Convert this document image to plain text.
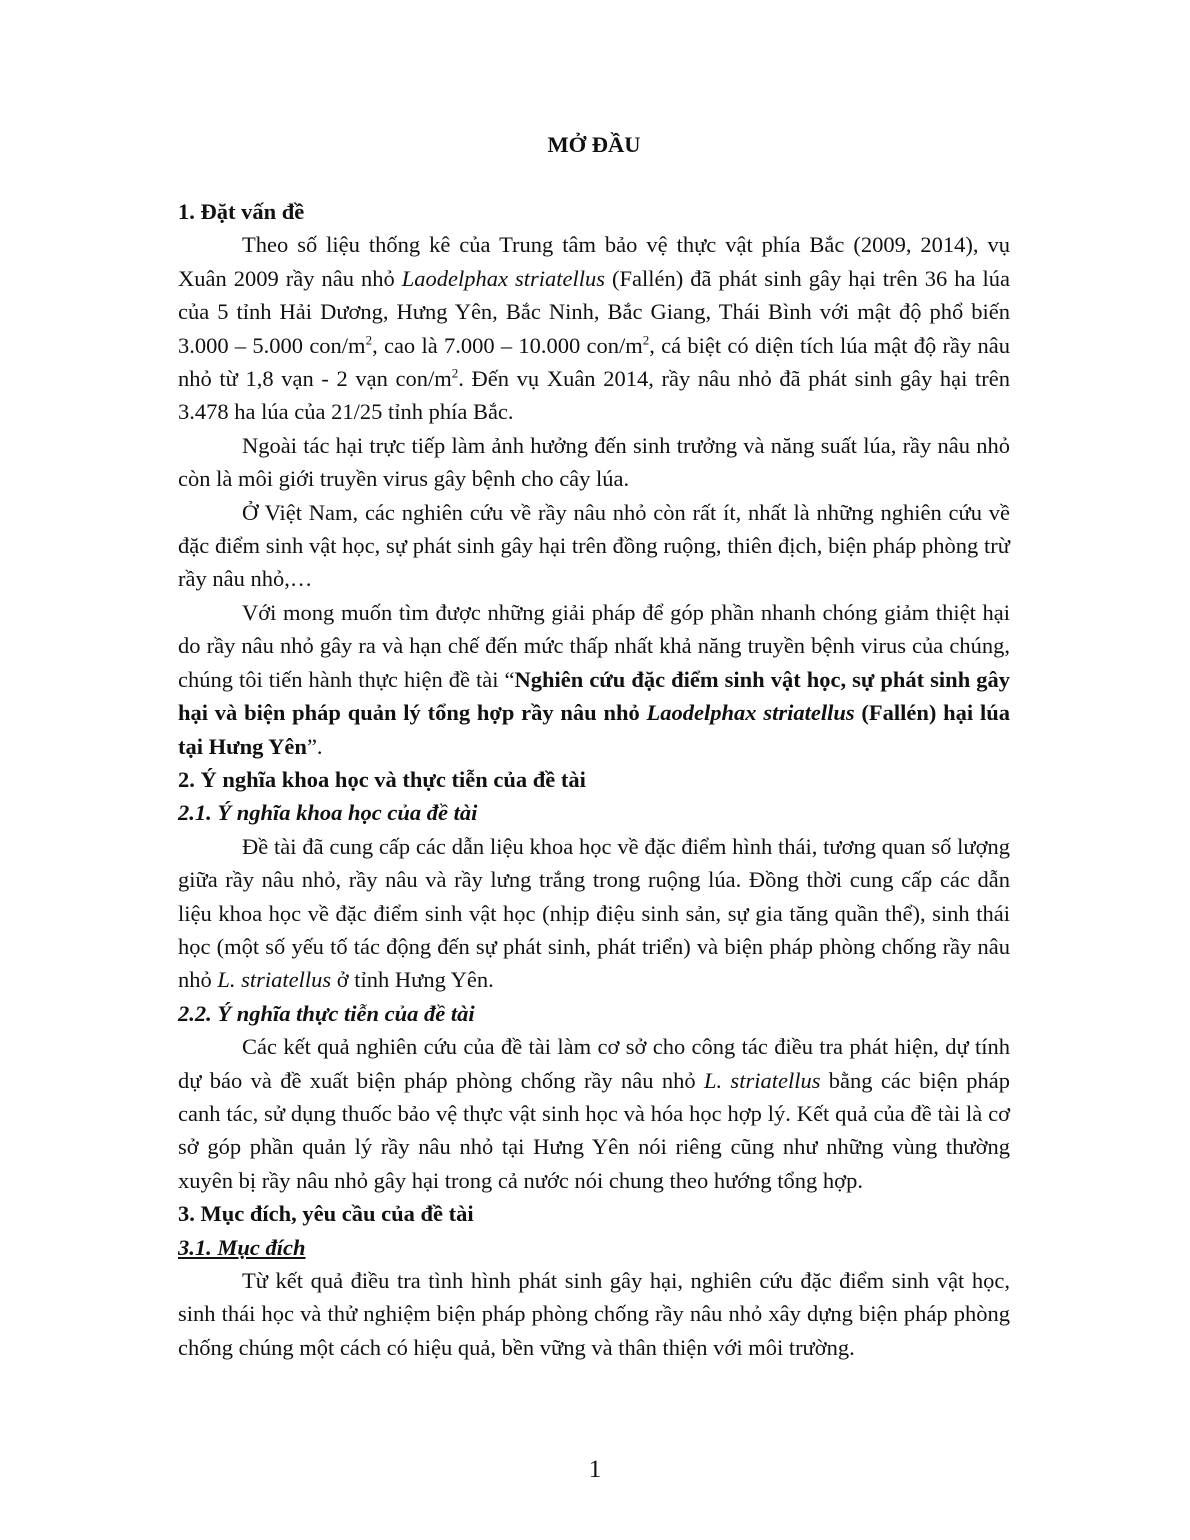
MỞ ĐẦU
1. Đặt vấn đề

Theo số liệu thống kê của Trung tâm bảo vệ thực vật phía Bắc (2009, 2014), vụ Xuân 2009 rầy nâu nhỏ Laodelphax striatellus (Fallén) đã phát sinh gây hại trên 36 ha lúa của 5 tỉnh Hải Dương, Hưng Yên, Bắc Ninh, Bắc Giang, Thái Bình với mật độ phổ biến 3.000 – 5.000 con/$m^2$, cao là 7.000 – 10.000 con/$m^2$, cá biệt có diện tích lúa mật độ rầy nâu nhỏ từ 1,8 vạn - 2 vạn con/$m^2$. Đến vụ Xuân 2014, rầy nâu nhỏ đã phát sinh gây hại trên 3.478 ha lúa của 21/25 tỉnh phía Bắc.

Ngoài tác hại trực tiếp làm ảnh hưởng đến sinh trưởng và năng suất lúa, rầy nâu nhỏ còn là môi giới truyền virus gây bệnh cho cây lúa.

Ở Việt Nam, các nghiên cứu về rầy nâu nhỏ còn rất ít, nhất là những nghiên cứu về đặc điểm sinh vật học, sự phát sinh gây hại trên đồng ruộng, thiên địch, biện pháp phòng trừ rầy nâu nhỏ,…

Với mong muốn tìm được những giải pháp để góp phần nhanh chóng giảm thiệt hại do rầy nâu nhỏ gây ra và hạn chế đến mức thấp nhất khả năng truyền bệnh virus của chúng, chúng tôi tiến hành thực hiện đề tài “Nghiên cứu đặc điểm sinh vật học, sự phát sinh gây hại và biện pháp quản lý tổng hợp rầy nâu nhỏ Laodelphax striatellus (Fallén) hại lúa tại Hưng Yên”.

2. Ý nghĩa khoa học và thực tiễn của đề tài
2.1. Ý nghĩa khoa học của đề tài

Đề tài đã cung cấp các dẫn liệu khoa học về đặc điểm hình thái, tương quan số lượng giữa rầy nâu nhỏ, rầy nâu và rầy lưng trắng trong ruộng lúa. Đồng thời cung cấp các dẫn liệu khoa học về đặc điểm sinh vật học (nhịp điệu sinh sản, sự gia tăng quần thể), sinh thái học (một số yếu tố tác động đến sự phát sinh, phát triển) và biện pháp phòng chống rầy nâu nhỏ L. striatellus ở tỉnh Hưng Yên.

2.2. Ý nghĩa thực tiễn của đề tài

Các kết quả nghiên cứu của đề tài làm cơ sở cho công tác điều tra phát hiện, dự tính dự báo và đề xuất biện pháp phòng chống rầy nâu nhỏ L. striatellus bằng các biện pháp canh tác, sử dụng thuốc bảo vệ thực vật sinh học và hóa học hợp lý. Kết quả của đề tài là cơ sở góp phần quản lý rầy nâu nhỏ tại Hưng Yên nói riêng cũng như những vùng thường xuyên bị rầy nâu nhỏ gây hại trong cả nước nói chung theo hướng tổng hợp.

3. Mục đích, yêu cầu của đề tài
3.1. Mục đích

Từ kết quả điều tra tình hình phát sinh gây hại, nghiên cứu đặc điểm sinh vật học, sinh thái học và thử nghiệm biện pháp phòng chống rầy nâu nhỏ xây dựng biện pháp phòng chống chúng một cách có hiệu quả, bền vững và thân thiện với môi trường.

1
